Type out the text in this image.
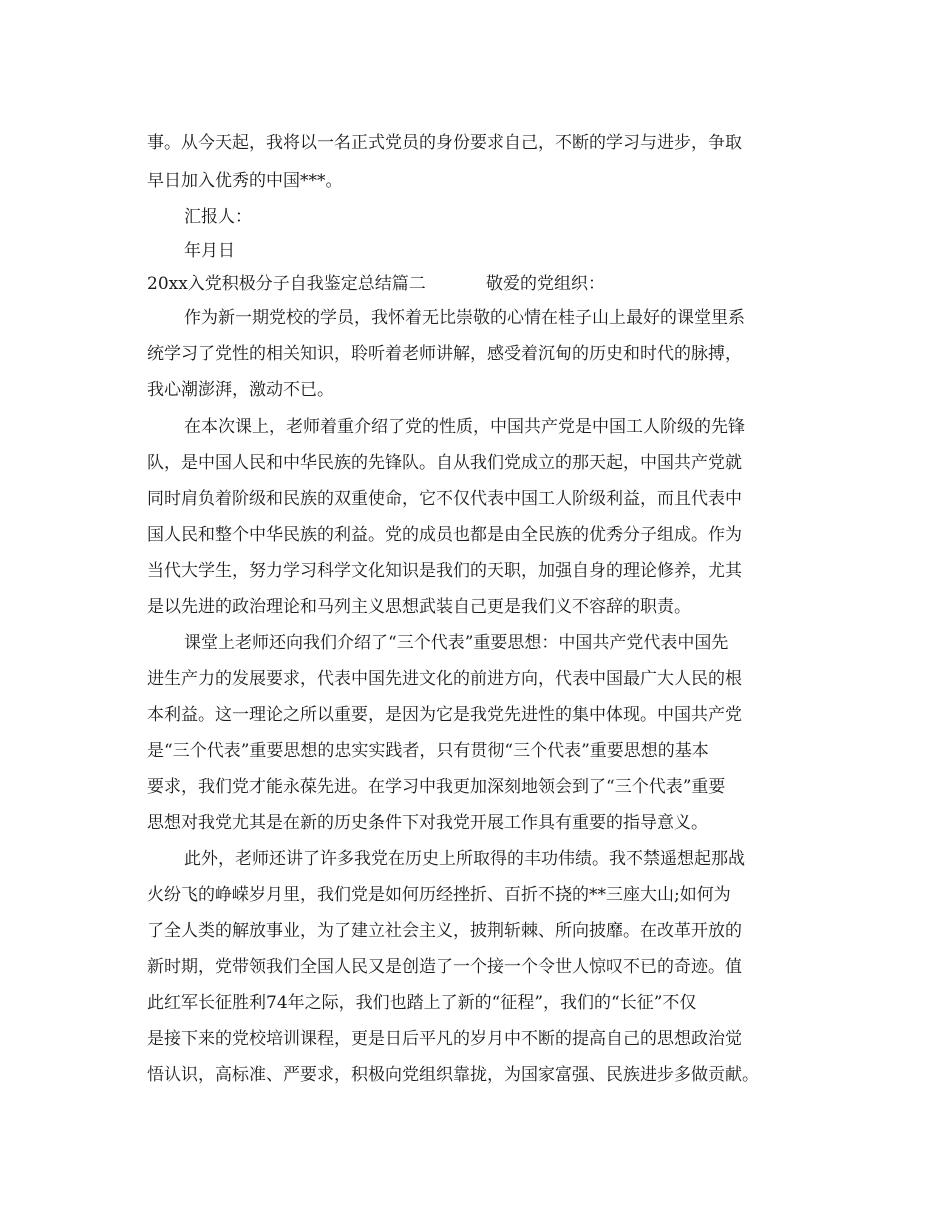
事。从今天起，我将以一名正式党员的身份要求自己，不断的学习与进步，争取
早日加入优秀的中国***。
汇报人：
年月日
20xx入党积极分子自我鉴定总结篇二	敬爱的党组织：
作为新一期党校的学员，我怀着无比崇敬的心情在桂子山上最好的课堂里系
统学习了党性的相关知识，聆听着老师讲解，感受着沉甸的历史和时代的脉搏，
我心潮澎湃，激动不已。
在本次课上，老师着重介绍了党的性质，中国共产党是中国工人阶级的先锋
队，是中国人民和中华民族的先锋队。自从我们党成立的那天起，中国共产党就
同时肩负着阶级和民族的双重使命，它不仅代表中国工人阶级利益，而且代表中
国人民和整个中华民族的利益。党的成员也都是由全民族的优秀分子组成。作为
当代大学生，努力学习科学文化知识是我们的天职，加强自身的理论修养，尤其
是以先进的政治理论和马列主义思想武装自己更是我们义不容辞的职责。
课堂上老师还向我们介绍了“三个代表”重要思想：中国共产党代表中国先
进生产力的发展要求，代表中国先进文化的前进方向，代表中国最广大人民的根
本利益。这一理论之所以重要，是因为它是我党先进性的集中体现。中国共产党
是“三个代表”重要思想的忠实实践者，只有贯彻“三个代表”重要思想的基本
要求，我们党才能永葆先进。在学习中我更加深刻地领会到了“三个代表”重要
思想对我党尤其是在新的历史条件下对我党开展工作具有重要的指导意义。
此外，老师还讲了许多我党在历史上所取得的丰功伟绩。我不禁遥想起那战
火纷飞的峥嵘岁月里，我们党是如何历经挫折、百折不挠的**三座大山;如何为
了全人类的解放事业，为了建立社会主义，披荆斩棘、所向披靡。在改革开放的
新时期，党带领我们全国人民又是创造了一个接一个令世人惊叹不已的奇迹。值
此红军长征胜利74年之际，我们也踏上了新的“征程”，我们的“长征”不仅
是接下来的党校培训课程，更是日后平凡的岁月中不断的提高自己的思想政治觉
悟认识，高标准、严要求，积极向党组织靠拢，为国家富强、民族进步多做贡献。
